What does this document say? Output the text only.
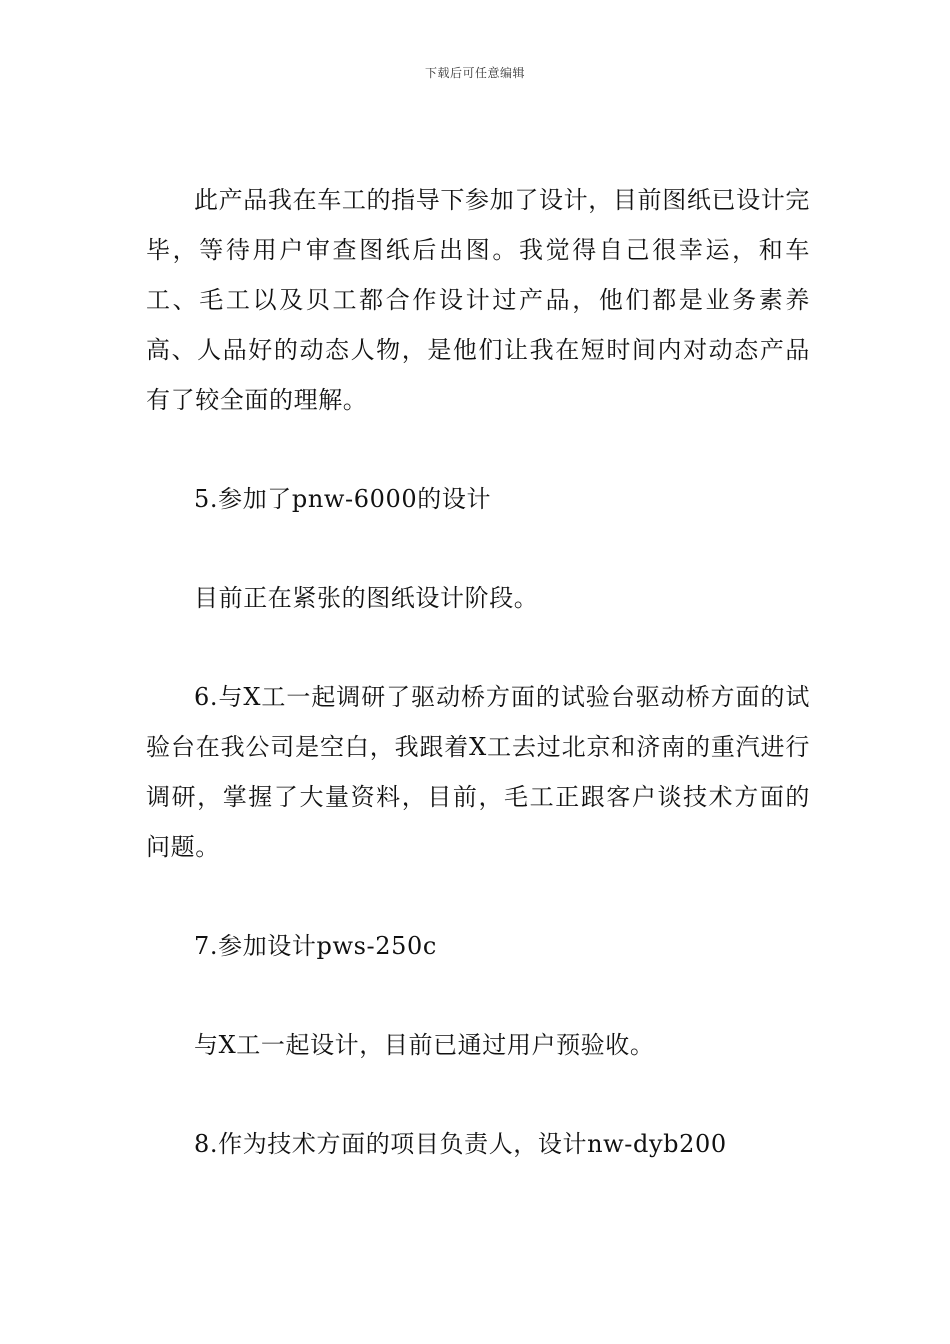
下载后可任意编辑

此产品我在车工的指导下参加了设计，目前图纸已设计完毕，等待用户审查图纸后出图。我觉得自己很幸运，和车工、毛工以及贝工都合作设计过产品，他们都是业务素养高、人品好的动态人物，是他们让我在短时间内对动态产品有了较全面的理解。

5.参加了pnw-6000的设计

目前正在紧张的图纸设计阶段。

6.与X工一起调研了驱动桥方面的试验台驱动桥方面的试验台在我公司是空白，我跟着X工去过北京和济南的重汽进行调研，掌握了大量资料，目前，毛工正跟客户谈技术方面的问题。

7.参加设计pws-250c

与X工一起设计，目前已通过用户预验收。

8.作为技术方面的项目负责人，设计nw-dyb200
